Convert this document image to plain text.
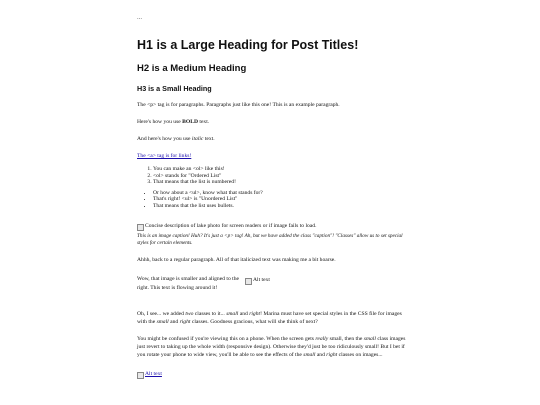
...
H1 is a Large Heading for Post Titles!
H2 is a Medium Heading
H3 is a Small Heading

The <p> tag is for paragraphs. Paragraphs just like this one! This is an example paragraph.

Here's how you use BOLD text.

And here's how you use italic text.

The <a> tag is for links!

1. You can make an <ol> like this!
2. <ol> stands for "Ordered List"
3. That means that the list is numbered!
• Or how about a <ul>, know what that stands for?
• That's right! <ul> is "Unordered List"
• That means that the list uses bullets.
Concise description of lake photo for screen readers or if image fails to load.

This is an image caption! Huh? It's just a <p> tag! Ah, but we have added the class "caption"! "Classes" allow us to set special styles for certain elements.

Ahhh, back to a regular paragraph. All of that italicized text was making me a bit hoarse.

Wow, that image is smaller and aligned to the right. This text is flowing around it!

Alt text

Oh, I see... we added two classes to it... small and right! Marina must have set special styles in the CSS file for images with the small and right classes. Goodness gracious, what will she think of next?

You might be confused if you're viewing this on a phone. When the screen gets really small, then the small class images just revert to taking up the whole width (responsive design). Otherwise they'd just be too ridiculously small! But I bet if you rotate your phone to wide view, you'll be able to see the effects of the small and right classes on images...

Alt text
